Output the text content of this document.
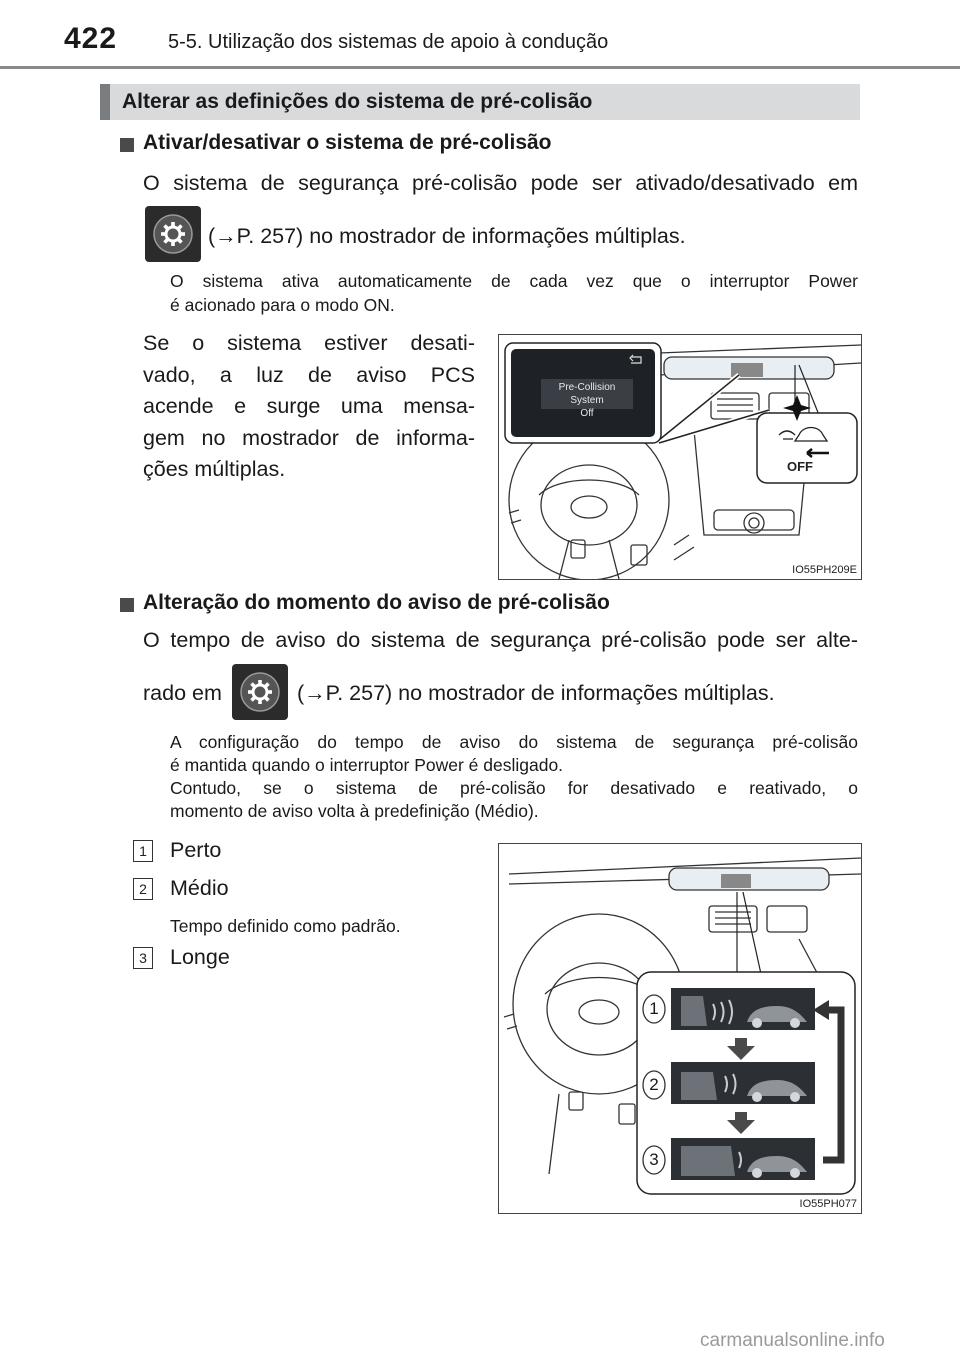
422	5-5. Utilização dos sistemas de apoio à condução
Alterar as definições do sistema de pré-colisão
Ativar/desativar o sistema de pré-colisão
O sistema de segurança pré-colisão pode ser ativado/desativado em
(→P. 257) no mostrador de informações múltiplas.
O sistema ativa automaticamente de cada vez que o interruptor Power
é acionado para o modo ON.
Se o sistema estiver desati-
vado, a luz de aviso PCS
acende e surge uma mensa-
gem no mostrador de informa-
ções múltiplas.
Pre-Collision System
Off
OFF
IO55PH209E
Alteração do momento do aviso de pré-colisão
O tempo de aviso do sistema de segurança pré-colisão pode ser alte-
rado em	(→P. 257) no mostrador de informações múltiplas.
A configuração do tempo de aviso do sistema de segurança pré-colisão
é mantida quando o interruptor Power é desligado.
Contudo, se o sistema de pré-colisão for desativado e reativado, o
momento de aviso volta à predefinição (Médio).
1 Perto
2 Médio
Tempo definido como padrão.
3 Longe
1
2
3
IO55PH077
carmanualsonline.info
